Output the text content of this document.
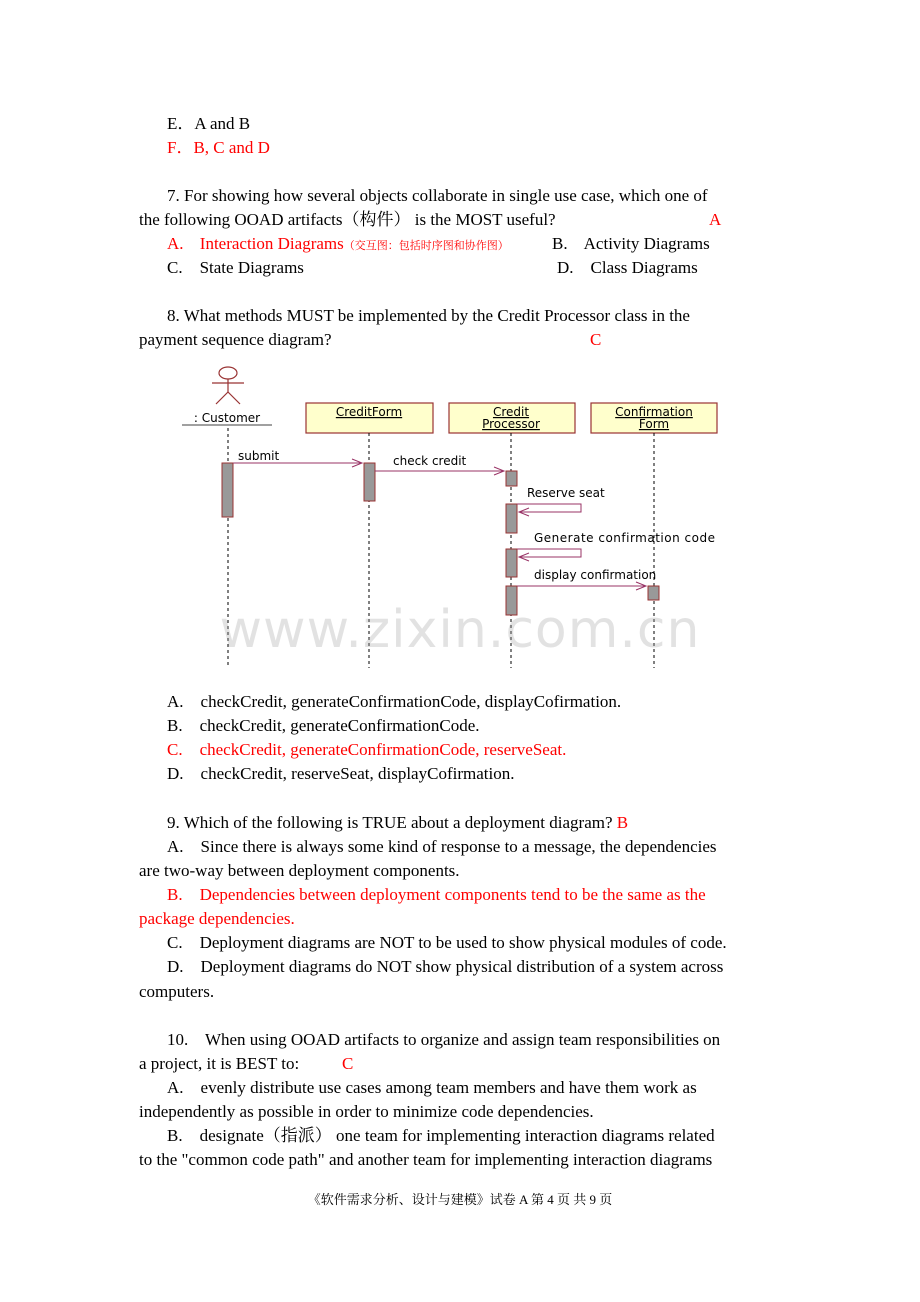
E．A and B
F．B, C and D
7. For showing how several objects collaborate in single use case, which one of
the following OOAD artifacts（构件） is the MOST useful?	A
A. Interaction Diagrams（交互图：包括时序图和协作图）	B.    Activity Diagrams
C.    State Diagrams	D.    Class Diagrams
8. What methods MUST be implemented by the Credit Processor class in the
payment sequence diagram?	C
: Customer	CreditForm	Credit
Processor
Confirmation
Form
submit	check credit
Reserve seat
Generate confirmation code
display confirmation
www.zixin.com.cn
A.    checkCredit, generateConfirmationCode, displayCofirmation.
B.    checkCredit, generateConfirmationCode.
C.    checkCredit, generateConfirmationCode, reserveSeat.
D.    checkCredit, reserveSeat, displayCofirmation.
9. Which of the following is TRUE about a deployment diagram? B
A.    Since there is always some kind of response to a message, the dependencies
are two-way between deployment components.
B.    Dependencies between deployment components tend to be the same as the
package dependencies.
C.    Deployment diagrams are NOT to be used to show physical modules of code.
D.    Deployment diagrams do NOT show physical distribution of a system across
computers.
10.    When using OOAD artifacts to organize and assign team responsibilities on
a project, it is BEST to:	C
A.    evenly distribute use cases among team members and have them work as
independently as possible in order to minimize code dependencies.
B.    designate（指派） one team for implementing interaction diagrams related
to the "common code path" and another team for implementing interaction diagrams
《软件需求分析、设计与建模》试卷 A 第 4 页 共 9 页
